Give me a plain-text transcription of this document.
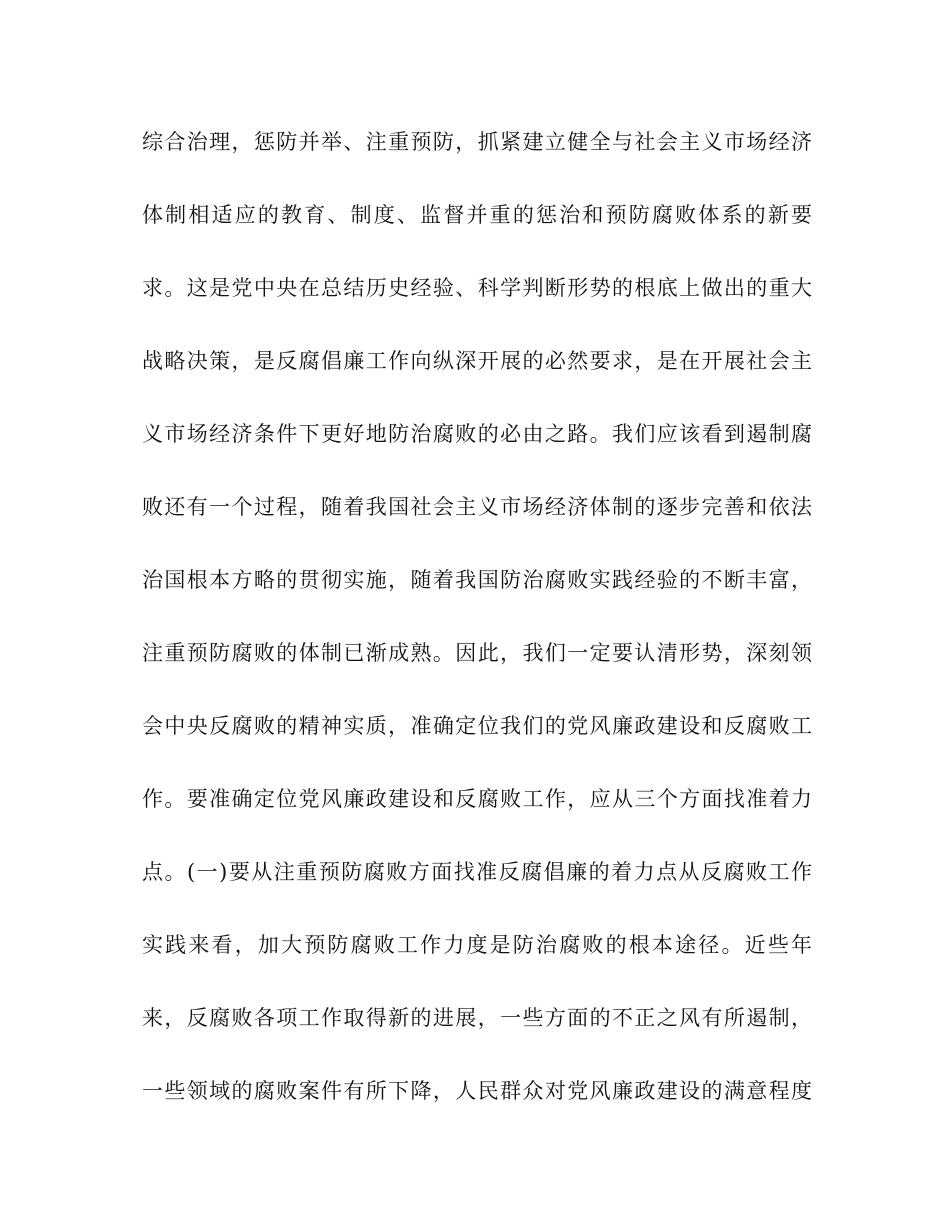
综合治理，惩防并举、注重预防，抓紧建立健全与社会主义市场经济
体制相适应的教育、制度、监督并重的惩治和预防腐败体系的新要
求。这是党中央在总结历史经验、科学判断形势的根底上做出的重大
战略决策，是反腐倡廉工作向纵深开展的必然要求，是在开展社会主
义市场经济条件下更好地防治腐败的必由之路。我们应该看到遏制腐
败还有一个过程，随着我国社会主义市场经济体制的逐步完善和依法
治国根本方略的贯彻实施，随着我国防治腐败实践经验的不断丰富，
注重预防腐败的体制已渐成熟。因此，我们一定要认清形势，深刻领
会中央反腐败的精神实质，准确定位我们的党风廉政建设和反腐败工
作。要准确定位党风廉政建设和反腐败工作，应从三个方面找准着力
点。(一)要从注重预防腐败方面找准反腐倡廉的着力点从反腐败工作
实践来看，加大预防腐败工作力度是防治腐败的根本途径。近些年
来，反腐败各项工作取得新的进展，一些方面的不正之风有所遏制，
一些领域的腐败案件有所下降，人民群众对党风廉政建设的满意程度
